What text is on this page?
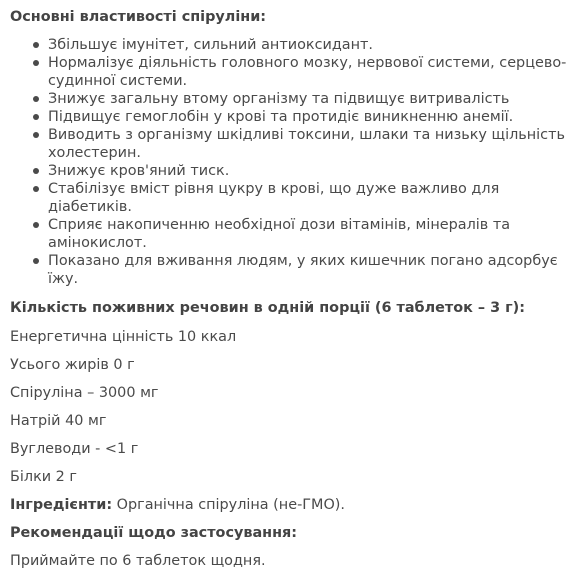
Основні властивості спіруліни:

Збільшує імунітет, сильний антиоксидант.
Нормалізує діяльність головного мозку, нервової системи, серцево-судинної системи.
Знижує загальну втому організму та підвищує витривалість
Підвищує гемоглобін у крові та протидіє виникненню анемії.
Виводить з організму шкідливі токсини, шлаки та низьку щільність холестерин.
Знижує кров'яний тиск.
Стабілізує вміст рівня цукру в крові, що дуже важливо для діабетиків.
Сприяє накопиченню необхідної дози вітамінів, мінералів та амінокислот.
Показано для вживання людям, у яких кишечник погано адсорбує їжу.

Кількість поживних речовин в одній порції (6 таблеток – 3 г):

Енергетична цінність 10 ккал

Усього жирів 0 г

Спіруліна – 3000 мг

Натрій 40 мг

Вуглеводи - <1 г

Білки 2 г

Інгредієнти: Органічна спіруліна (не-ГМО).

Рекомендації щодо застосування:

Приймайте по 6 таблеток щодня.
